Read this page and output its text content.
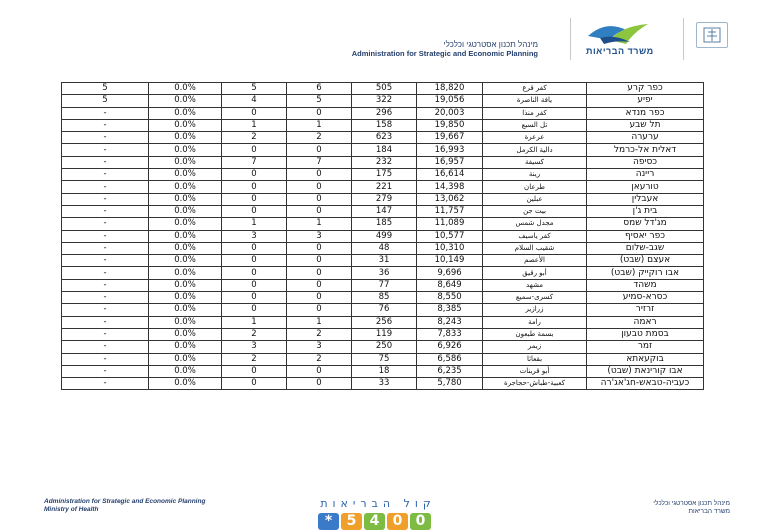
מינהל תכנון אסטרטגי וכלכלי
Administration for Strategic and Economic Planning	משרד הבריאות
5	0.0%	5	6	505	18,820	كفر قرع	כפר קרע
5	0.0%	4	5	322	19,056	يافة الناصرة	יפיע
-	0.0%	0	0	296	20,003	كفر منذا	כפר מנדא
-	0.0%	1	1	158	19,850	تل السبع	תל שבע
-	0.0%	2	2	623	19,667	عرعرة	ערערה
-	0.0%	0	0	184	16,993	دالية الكرمل	דאלית אל-כרמל
-	0.0%	7	7	232	16,957	كسيفة	כסיפה
-	0.0%	0	0	175	16,614	رينة	ריינה
-	0.0%	0	0	221	14,398	طرعان	טורעאן
-	0.0%	0	0	279	13,062	عبلين	אעבלין
-	0.0%	0	0	147	11,757	بيت جن	בית ג'ן
-	0.0%	1	1	185	11,089	مجدل شمس	מג'דל שמס
-	0.0%	3	3	499	10,577	كفر ياسيف	כפר יאסיף
-	0.0%	0	0	48	10,310	شقيب السلام	שגב-שלום
-	0.0%	0	0	31	10,149	الأعصم	אעצם (שבט)
-	0.0%	0	0	36	9,696	أبو رقيق	אבו רוקייק (שבט)
-	0.0%	0	0	77	8,649	مشهد	משהד
-	0.0%	0	0	85	8,550	كسرى-سميع	כסרא-סמיע
-	0.0%	0	0	76	8,385	زرازير	זרזיר
-	0.0%	1	1	256	8,243	رامة	ראמה
-	0.0%	2	2	119	7,833	بسمة طبعون	בסמת טבעון
-	0.0%	3	3	250	6,926	زيمر	זמר
-	0.0%	2	2	75	6,586	بقعاثا	בוקעאתא
-	0.0%	0	0	18	6,235	أبو قرينات	אבו קורינאת (שבט)
-	0.0%	0	0	33	5,780	كعبية-طباش-حجاجرة	כעביה-טבאש-חג'אג'רה
Administration for Strategic and Economic Planning
Ministry of Health	קול הבריאות
*	5 4 0 0
מינהל תכנון אסטרטגי וכלכלי
משרד הבריאות
